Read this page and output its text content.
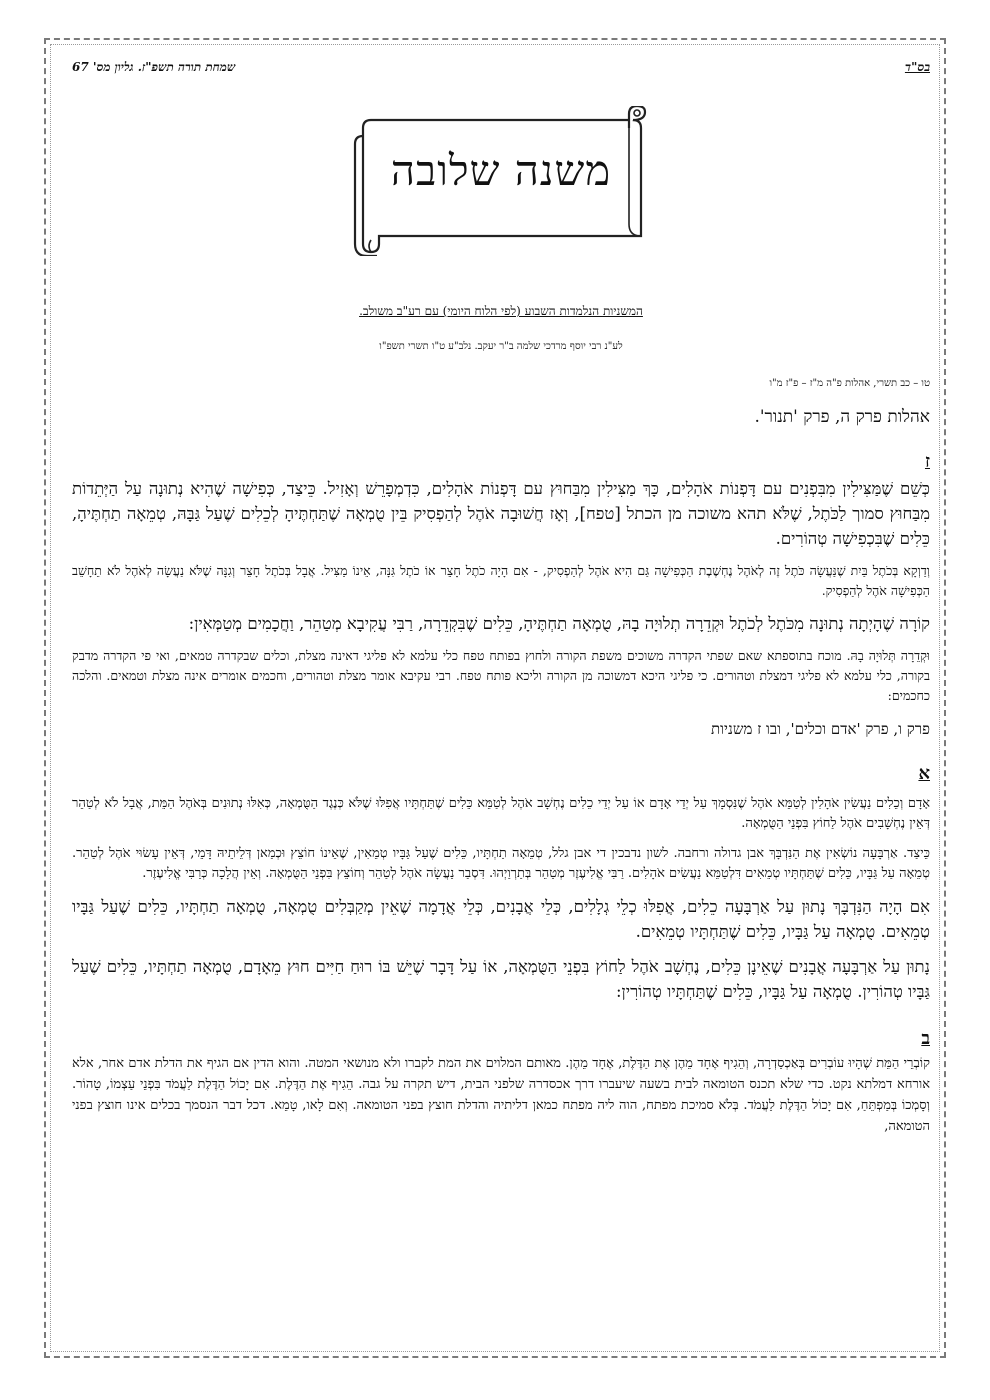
בס"ד
שמחת תורה תשפ"ז. גליון מס' 67
משנה שלובה
המשניות הנלמדות השבוע (לפי הלוח היומי) עם רע"ב משולב.
לע"נ רבי יוסף מרדכי שלמה ב"ר יעקב. נלב"ע ט"ו תשרי תשפ"ו
טו – כב תשרי, אהלות פ"ה מ"ז – פ"ז מ"ו
אהלות פרק ה, פרק 'תנור'.
ז
כְּשֵׁם שֶׁמַּצִּילִין מִבִּפְנִים עם דָּפְנוֹת אֹהָלִים, כָּךְ מַצִּילִין מִבַּחוּץ עם דָּפְנוֹת אֹהָלִים, כִּדְמְפָרֵשׁ וְאָזִיל. כֵּיצַד, כְּפִישָׁה שֶׁהִיא נְתוּנָה עַל הַיְּתֵדוֹת מִבַּחוּץ סמוך לַכֹּתֶל, שֶׁלֹּא תהא משוכה מן הכתל [טפח], וְאָז חֲשׁוּבָה אֹהֶל לְהַפְסִיק בֵּין טֻמְאָה שֶׁתַּחְתֶּיהָ לְכֵלִים שֶׁעַל גַּבָּהּ, טְמֵאָה תַחְתֶּיהָ, כֵּלִים שֶׁבִּכְפִישָׁה טְהוֹרִים.
וְדַוְקָא בְּכֹתֶל בַּיִת שֶׁנַּעֲשָׂה כֹּתֶל זֶה לְאֹהֶל נֶחְשֶׁבֶת הַכְּפִישָׁה גַּם הִיא אֹהֶל לְהַפְסִיק, - אִם הָיָה כֹתֶל חָצֵר אוֹ כֹתֶל גִּנָּה, אֵינוֹ מַצִּיל. אֲבָל בְּכֹתֶל חָצֵר וְגִנָּה שֶׁלֹּא נַעֲשָׂה לְאֹהֶל לֹא תֵחָשֵׁב הַכְּפִישָׁה אֹהֶל לְהַפְסִיק.
קוֹרָה שֶׁהָיְתָה נְתוּנָה מִכֹּתֶל לְכֹתֶל וּקְדֵרָה תְלוּיָה בָהּ, טֻמְאָה תַחְתֶּיהָ, כֵּלִים שֶׁבִּקְדֵרָה, רַבִּי עֲקִיבָא מְטַהֵר, וַחֲכָמִים מְטַמְּאִין:
וּקְדֵרָה תְּלוּיָה בָהּ. מוכח בתוספתא שאם שפתי הקדרה משוכים משפת הקורה ולחוץ בפותח טפח כלי עלמא לא פליגי דאינה מצלת, וכלים שבקדרה טמאים, ואי פי הקדרה מדבק בקורה, כלי עלמא לא פליגי דמצלת וטהורים. כי פליגי היכא דמשוכה מן הקורה וליכא פותח טפח. רבי עקיבא אומר מצלת וטהורים, וחכמים אומרים אינה מצלת וטמאים. והלכה כחכמים:
פרק ו, פרק 'אדם וכלים', ובו ז משניות
א
אָדָם וְכֵלִים נַעֲשִׂין אֹהָלִין לְטַמֵּא אֹהֶל שֶׁנִּסְמָךְ עַל יְדֵי אָדָם אוֹ עַל יְדֵי כֵלִים נֶחְשָׁב אֹהֶל לְטַמֵּא כֵּלִים שֶׁתַּחְתָּיו אֲפִלּוּ שֶׁלֹּא כְּנֶגֶד הַטֻּמְאָה, כְּאִלּוּ נְתוּנִים בְּאֹהֶל הַמֵּת, אֲבָל לֹא לְטַהֵר דְּאֵין נֶחְשָׁבִים אֹהֶל לַחוֹץ בִּפְנֵי הַטֻּמְאָה.
כֵּיצַד. אַרְבָּעָה נוֹשְׂאִין אֶת הַנִּדְבָּךְ אבן גדולה ורחבה. לשון נדבכין די אבן גלל, טְמֵאָה תַחְתָּיו, כֵּלִים שֶׁעַל גַּבָּיו טְמֵאִין, שֶׁאֵינוֹ חוֹצֵץ וּכְמַאן דְּלֵיתֵיהּ דָּמֵי, דְּאֵין עָשׂוּי אֹהֶל לְטַהֵר. טְמֵאָה עַל גַּבָּיו, כֵּלִים שֶׁתַּחְתָּיו טְמֵאִים דִּלְטַמֵּא נַעֲשִׂים אֹהָלִים. רַבִּי אֱלִיעֶזֶר מְטַהֵר בְּתַרְוַיְהוּ. דִּסְבַר נַעֲשָׂה אֹהֶל לְטַהֵר וְחוֹצֵץ בִּפְנֵי הַטֻּמְאָה. וְאֵין הֲלָכָה כְּרַבִּי אֱלִיעֶזֶר.
אִם הָיָה הַנִּדְבָּךְ נָתוּן עַל אַרְבָּעָה כֵלִים, אֲפִלּוּ כְלֵי גְלָלִים, כְּלֵי אֲבָנִים, כְּלֵי אֲדָמָה שֶׁאֵין מְקַבְּלִים טֻמְאָה, טֻמְאָה תַחְתָּיו, כֵּלִים שֶׁעַל גַּבָּיו טְמֵאִים. טֻמְאָה עַל גַּבָּיו, כֵּלִים שֶׁתַּחְתָּיו טְמֵאִים.
נָתוּן עַל אַרְבָּעָה אֲבָנִים שֶׁאֵינָן כֵּלִים, נֶחְשָׁב אֹהֶל לַחוֹץ בִּפְנֵי הַטֻּמְאָה, אוֹ עַל דָּבָר שֶׁיֵּשׁ בּוֹ רוּחַ חַיִּים חוּץ מֵאָדָם, טֻמְאָה תַחְתָּיו, כֵּלִים שֶׁעַל גַּבָּיו טְהוֹרִין. טֻמְאָה עַל גַּבָּיו, כֵּלִים שֶׁתַּחְתָּיו טְהוֹרִין:
ב
קוֹבְרֵי הַמֵּת שֶׁהָיוּ עוֹבְרִים בְּאַכְסַדְרָה, וְהֵגִיף אֶחָד מֵהֶן אֶת הַדֶּלֶת, אֶחָד מֵהֶן. מאותם המלוים את המת לקברו ולא מנושאי המטה. והוא הדין אם הגיף את הדלת אדם אחר, אלא אורחא דמלתא נקט. כדי שלא תכנס הטומאה לבית בשעה שיעברו דרך אכסדרה שלפני הבית, דיש תקרה על גבה. הֵגִיף אֶת הַדֶּלֶת. אִם יָכוֹל הַדֶּלֶת לַעֲמֹד בִּפְנֵי עַצְמוֹ, טָהוֹר. וְסָמְכוֹ בְּמַפְתֵּחַ, אִם יָכוֹל הַדֶּלֶת לַעֲמֹד. בְּלֹא סמיכת מפתח, הוה ליה מפתח כמאן דליתיה והדלת חוצץ בפני הטומאה. וְאִם לָאו, טָמֵא. דכל דבר הנסמך בכלים אינו חוצץ בפני הטומאה,
